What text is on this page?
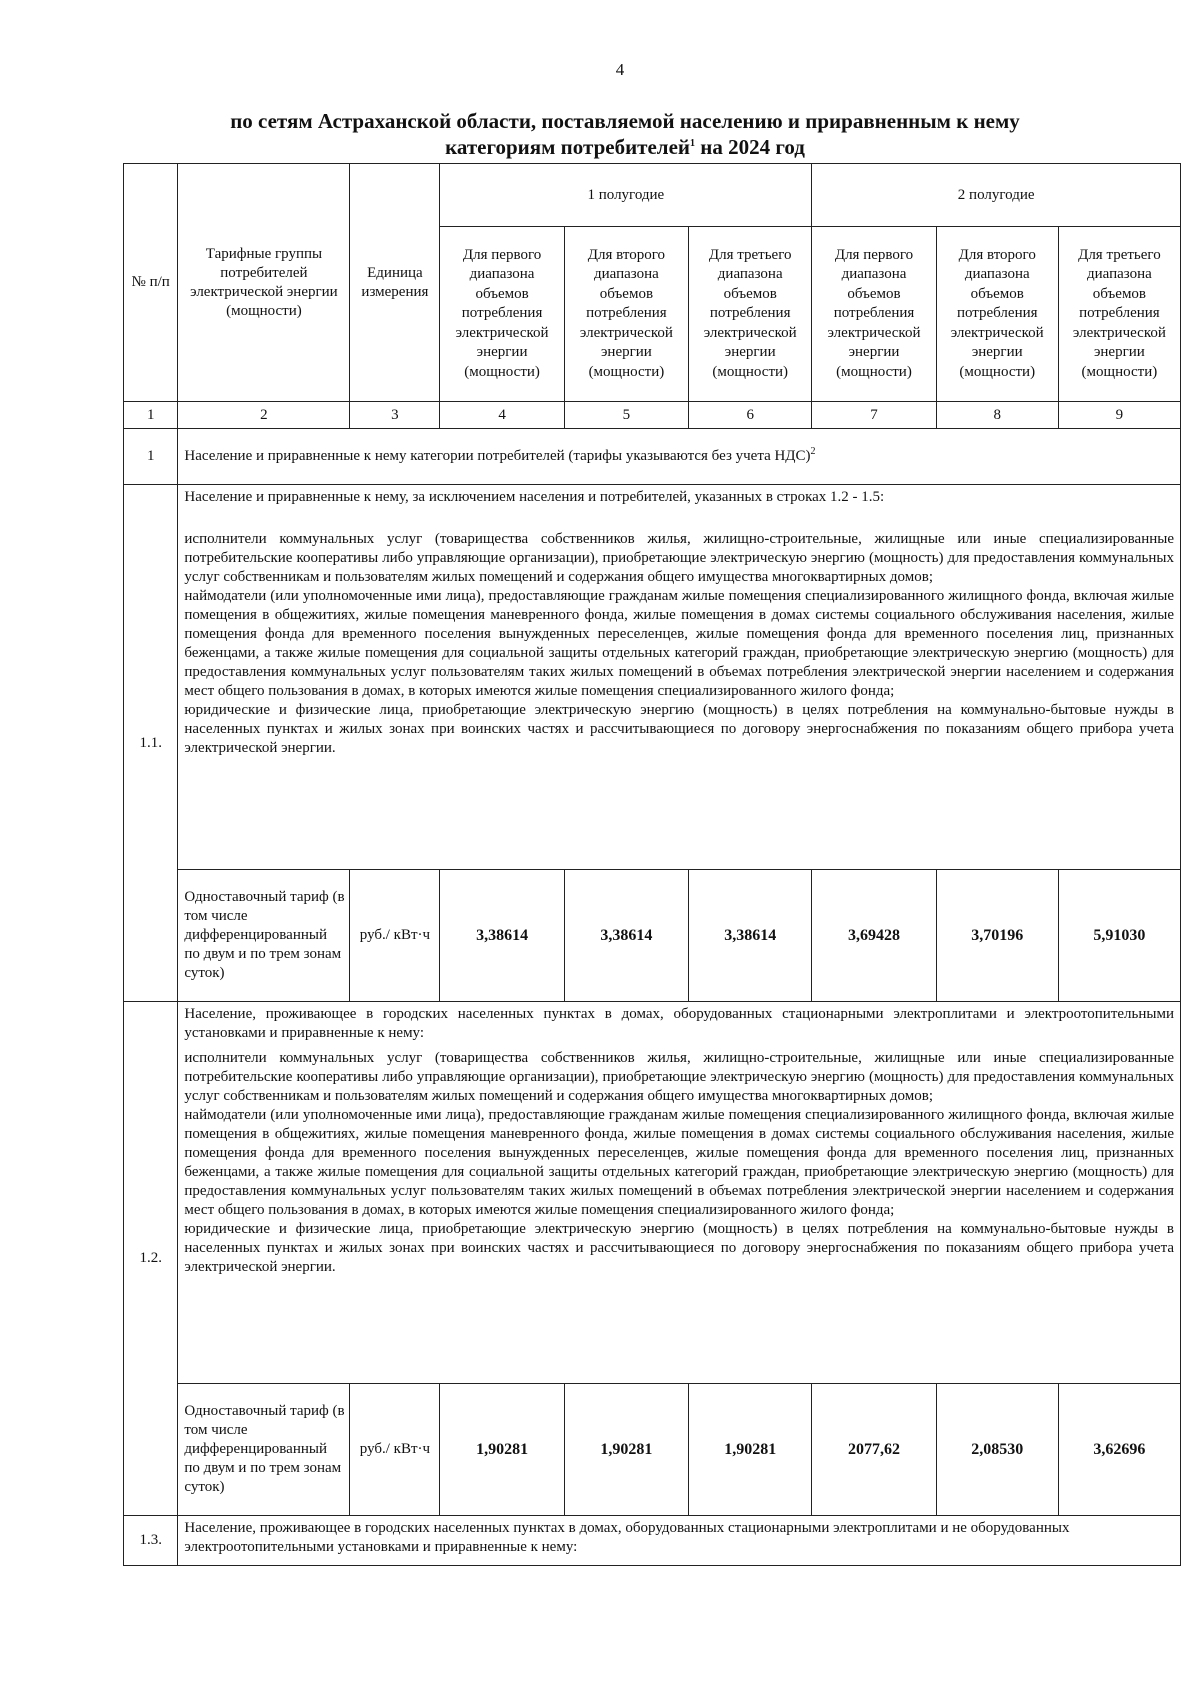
4
по сетям Астраханской области, поставляемой населению и приравненным к нему
категориям потребителей$^1$ на 2024 год
№ п/п	Тарифные группы потребителей электрической энергии (мощности)	Единица измерения	1 полугодие			2 полугодие		
			Для первого диапазона объемов потребления электрической энергии (мощности)	Для второго диапазона объемов потребления электрической энергии (мощности)	Для третьего диапазона объемов потребления электрической энергии (мощности)	Для первого диапазона объемов потребления электрической энергии (мощности)	Для второго диапазона объемов потребления электрической энергии (мощности)	Для третьего диапазона объемов потребления электрической энергии (мощности)
1	2	3	4	5	6	7	8	9
1	Население и приравненные к нему категории потребителей (тарифы указываются без учета НДС)$^2$
1.1.	Население и приравненные к нему, за исключением населения и потребителей, указанных в строках 1.2 - 1.5:

исполнители коммунальных услуг (товарищества собственников жилья, жилищно-строительные, жилищные или иные специализированные потребительские кооперативы либо управляющие организации), приобретающие электрическую энергию (мощность) для предоставления коммунальных услуг собственникам и пользователям жилых помещений и содержания общего имущества многоквартирных домов;

наймодатели (или уполномоченные ими лица), предоставляющие гражданам жилые помещения специализированного жилищного фонда, включая жилые помещения в общежитиях, жилые помещения маневренного фонда, жилые помещения в домах системы социального обслуживания населения, жилые помещения фонда для временного поселения вынужденных переселенцев, жилые помещения фонда для временного поселения лиц, признанных беженцами, а также жилые помещения для социальной защиты отдельных категорий граждан, приобретающие электрическую энергию (мощность) для предоставления коммунальных услуг пользователям таких жилых помещений в объемах потребления электрической энергии населением и содержания мест общего пользования в домах, в которых имеются жилые помещения специализированного жилого фонда;

юридические и физические лица, приобретающие электрическую энергию (мощность) в целях потребления на коммунально-бытовые нужды в населенных пунктах и жилых зонах при воинских частях и рассчитывающиеся по договору энергоснабжения по показаниям общего прибора учета электрической энергии.							

	Одноставочный тариф (в том числе дифференцированный по двум и по трем зонам суток)	руб./ кВт·ч	3,38614	3,38614	3,38614	3,69428	3,70196	5,91030
1.2.	Население, проживающее в городских населенных пунктах в домах, оборудованных стационарными электроплитами и электроотопительными установками и приравненные к нему:

исполнители коммунальных услуг (товарищества собственников жилья, жилищно-строительные, жилищные или иные специализированные потребительские кооперативы либо управляющие организации), приобретающие электрическую энергию (мощность) для предоставления коммунальных услуг собственникам и пользователям жилых помещений и содержания общего имущества многоквартирных домов;

наймодатели (или уполномоченные ими лица), предоставляющие гражданам жилые помещения специализированного жилищного фонда, включая жилые помещения в общежитиях, жилые помещения маневренного фонда, жилые помещения в домах системы социального обслуживания населения, жилые помещения фонда для временного поселения вынужденных переселенцев, жилые помещения фонда для временного поселения лиц, признанных беженцами, а также жилые помещения для социальной защиты отдельных категорий граждан, приобретающие электрическую энергию (мощность) для предоставления коммунальных услуг пользователям таких жилых помещений в объемах потребления электрической энергии населением и содержания мест общего пользования в домах, в которых имеются жилые помещения специализированного жилого фонда;

юридические и физические лица, приобретающие электрическую энергию (мощность) в целях потребления на коммунально-бытовые нужды в населенных пунктах и жилых зонах при воинских частях и рассчитывающиеся по договору энергоснабжения по показаниям общего прибора учета электрической энергии.							

	Одноставочный тариф (в том числе дифференцированный по двум и по трем зонам суток)	руб./ кВт·ч	1,90281	1,90281	1,90281	2077,62	2,08530	3,62696
1.3.	Население, проживающее в городских населенных пунктах в домах, оборудованных стационарными электроплитами и не оборудованных электроотопительными установками и приравненные к нему:							
